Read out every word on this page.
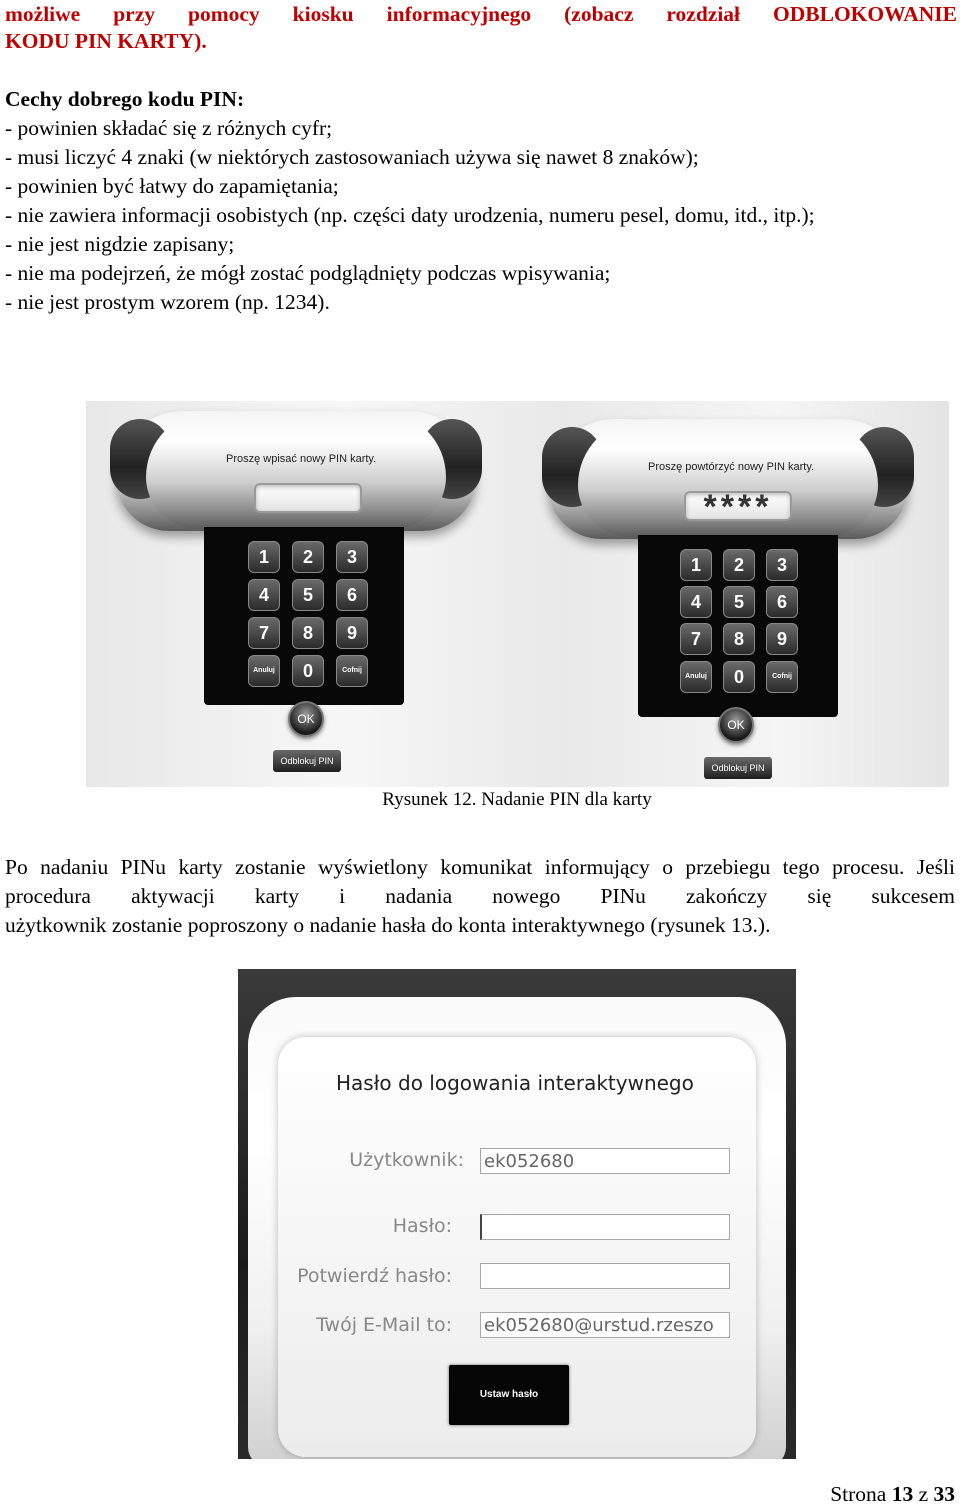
możliwe przy pomocy kiosku informacyjnego (zobacz rozdział ODBLOKOWANIE
KODU PIN KARTY).
Cechy dobrego kodu PIN:
- powinien składać się z różnych cyfr;
- musi liczyć 4 znaki (w niektórych zastosowaniach używa się nawet 8 znaków);
- powinien być łatwy do zapamiętania;
- nie zawiera informacji osobistych (np. części daty urodzenia, numeru pesel, domu, itd., itp.);
- nie jest nigdzie zapisany;
- nie ma podejrzeń, że mógł zostać podglądnięty podczas wpisywania;
- nie jest prostym wzorem (np. 1234).
Proszę wpisać nowy PIN karty.
1	2	3
4	5	6
7	8	9
Anuluj	0	Cofnij
OK
Odblokuj PIN
Proszę powtórzyć nowy PIN karty.
****
1	2	3
4	5	6
7	8	9
Anuluj	0	Cofnij
OK
Odblokuj PIN
Rysunek 12. Nadanie PIN dla karty
Po nadaniu PINu karty zostanie wyświetlony komunikat informujący o przebiegu tego procesu. Jeśli procedura aktywacji karty i nadania nowego PINu zakończy się sukcesem
użytkownik zostanie poproszony o nadanie hasła do konta interaktywnego (rysunek 13.).
Hasło do logowania interaktywnego
Użytkownik: ek052680
Hasło:
Potwierdź hasło:
Twój E-Mail to: ek052680@urstud.rzeszo
Ustaw hasło
Strona 13 z 33
